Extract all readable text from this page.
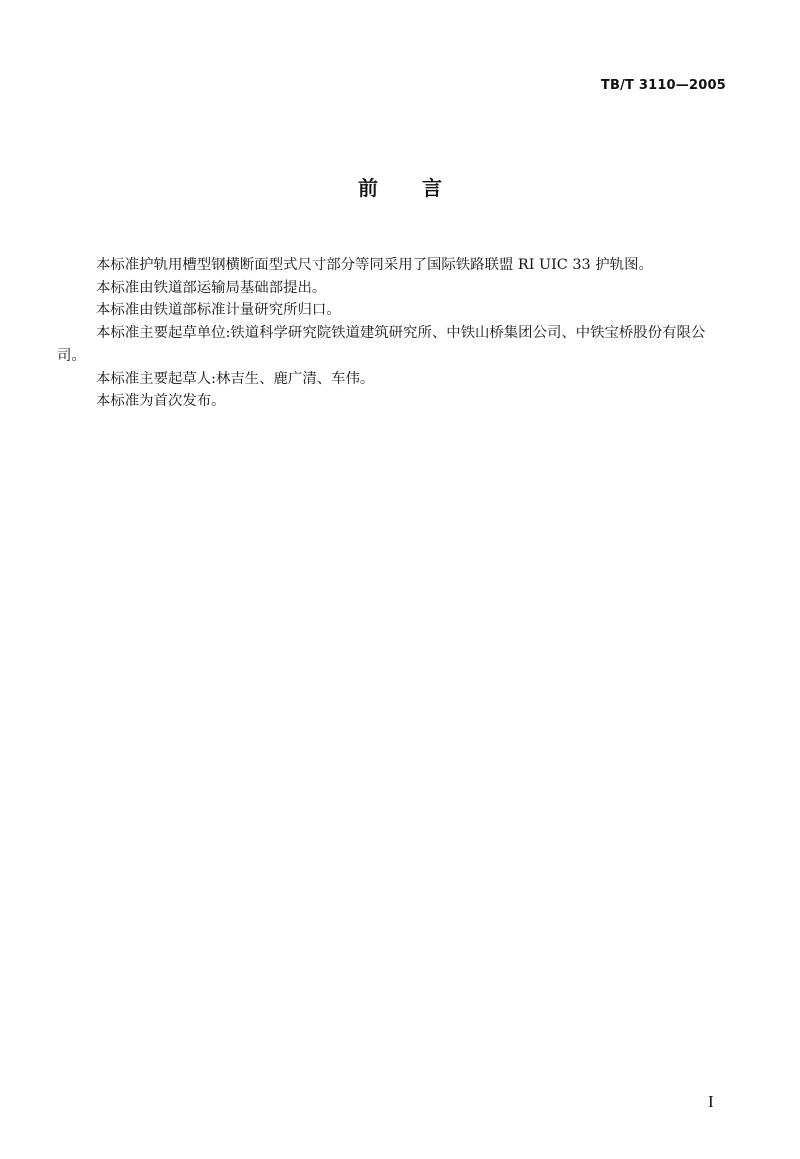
TB/T 3110—2005
前 言
本标准护轨用槽型钢横断面型式尺寸部分等同采用了国际铁路联盟 RI UIC 33 护轨图。
本标准由铁道部运输局基础部提出。
本标准由铁道部标准计量研究所归口。
本标准主要起草单位:铁道科学研究院铁道建筑研究所、中铁山桥集团公司、中铁宝桥股份有限公
司。
本标准主要起草人:林吉生、鹿广清、车伟。
本标准为首次发布。
I
